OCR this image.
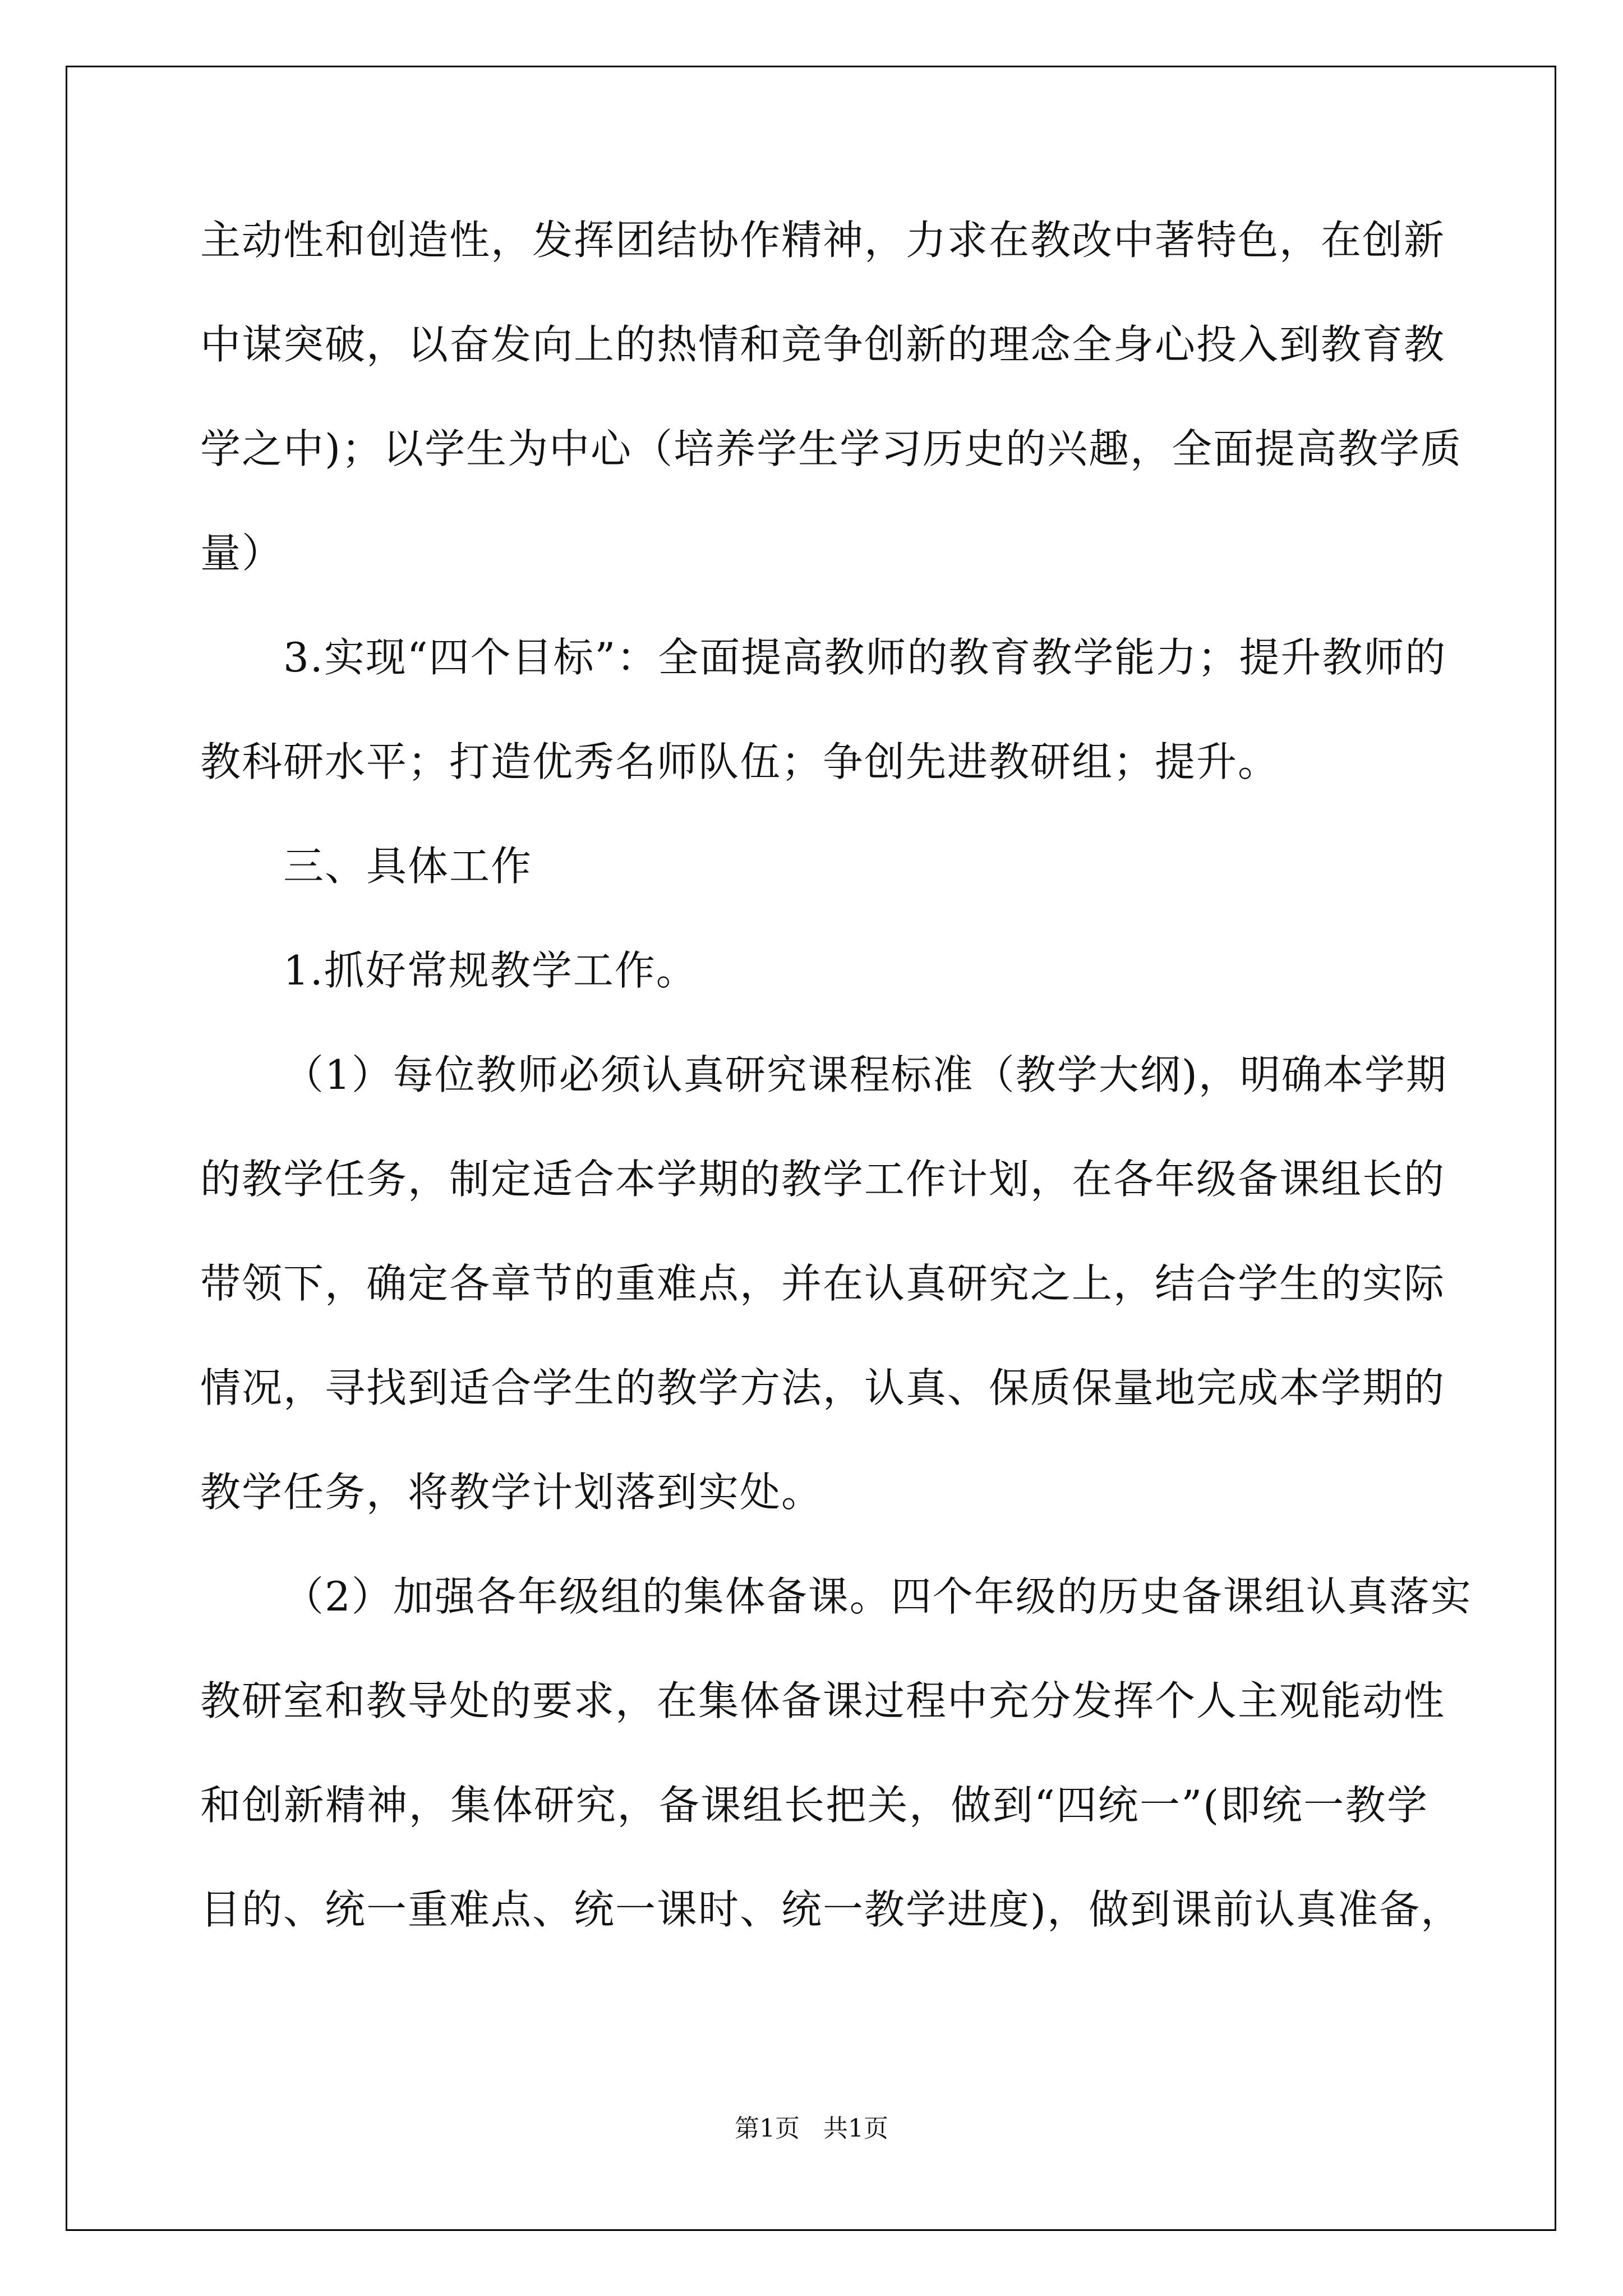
主动性和创造性，发挥团结协作精神，力求在教改中著特色，在创新
中谋突破，以奋发向上的热情和竞争创新的理念全身心投入到教育教
学之中)；以学生为中心（培养学生学习历史的兴趣，全面提高教学质
量）
3.实现“四个目标”：全面提高教师的教育教学能力；提升教师的
教科研水平；打造优秀名师队伍；争创先进教研组；提升。
三、具体工作
1.抓好常规教学工作。
（1）每位教师必须认真研究课程标准（教学大纲)，明确本学期
的教学任务，制定适合本学期的教学工作计划，在各年级备课组长的
带领下，确定各章节的重难点，并在认真研究之上，结合学生的实际
情况，寻找到适合学生的教学方法，认真、保质保量地完成本学期的
教学任务，将教学计划落到实处。
（2）加强各年级组的集体备课。四个年级的历史备课组认真落实
教研室和教导处的要求，在集体备课过程中充分发挥个人主观能动性
和创新精神，集体研究，备课组长把关，做到“四统一”(即统一教学
目的、统一重难点、统一课时、统一教学进度)，做到课前认真准备，
第1页   共1页
